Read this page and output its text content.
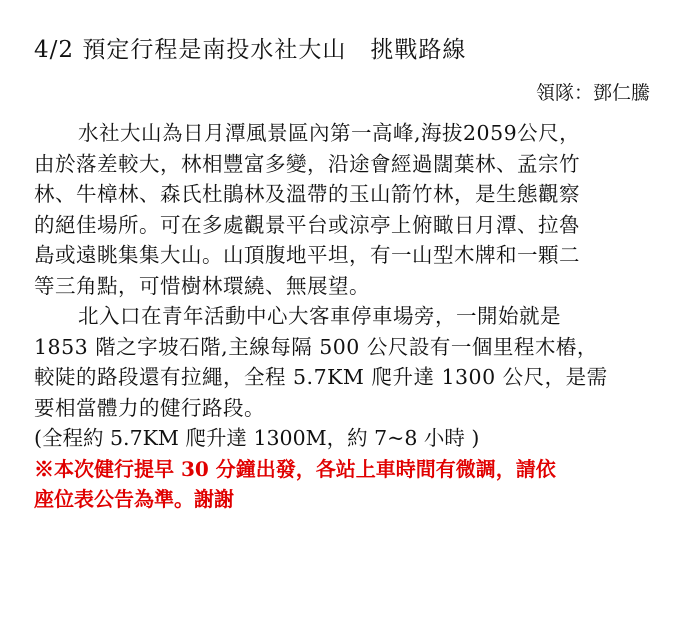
4/2 預定行程是南投水社大山　挑戰路線
領隊：鄧仁騰

水社大山為日月潭風景區內第一高峰,海拔2059公尺，
由於落差較大，林相豐富多變，沿途會經過闊葉林、孟宗竹
林、牛樟林、森氏杜鵑林及溫帶的玉山箭竹林，是生態觀察
的絕佳場所。可在多處觀景平台或涼亭上俯瞰日月潭、拉魯
島或遠眺集集大山。山頂腹地平坦，有一山型木牌和一顆二
等三角點，可惜樹林環繞、無展望。

北入口在青年活動中心大客車停車場旁，一開始就是
1853 階之字坡石階,主線每隔 500 公尺設有一個里程木樁，
較陡的路段還有拉繩，全程 5.7KM 爬升達 1300 公尺，是需
要相當體力的健行路段。

(全程約 5.7KM 爬升達 1300M，約 7~8 小時 )

※本次健行提早 30 分鐘出發，各站上車時間有微調，請依
座位表公告為準。謝謝
